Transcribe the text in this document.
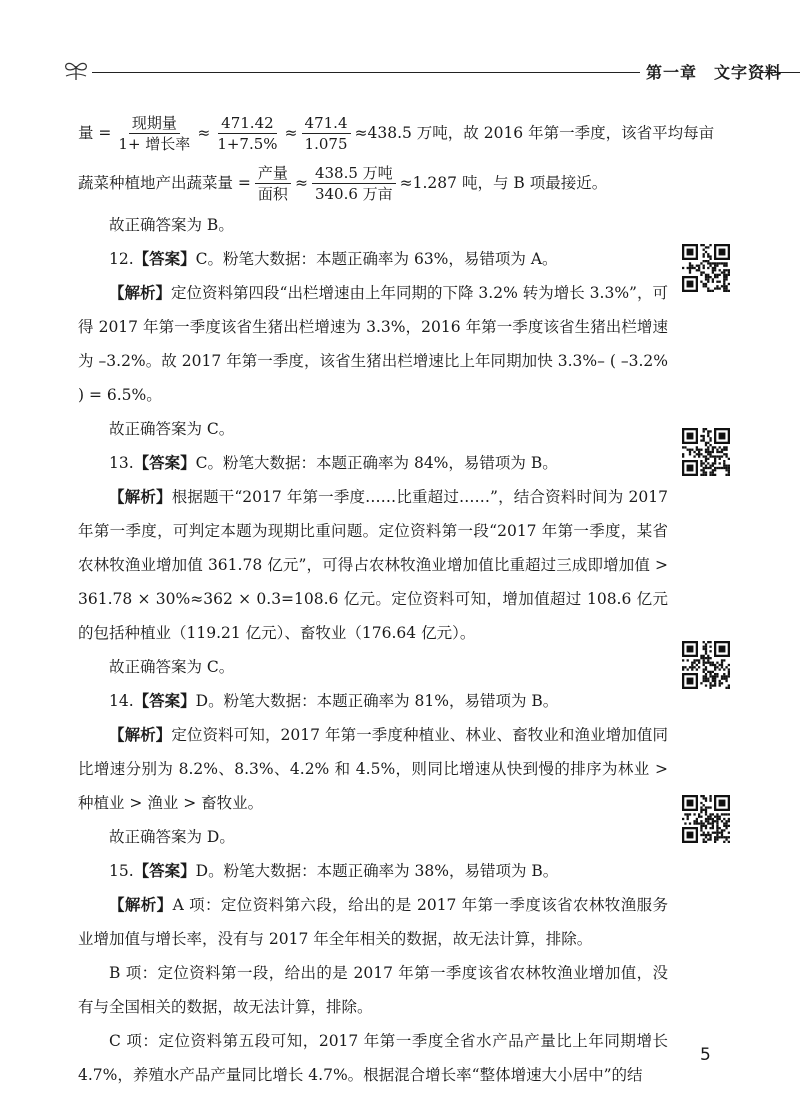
第一章　文字资料
量 = $\frac{\text{现期量}}{\text{1+ 增长率}} \approx \frac{471.42}{1+7.5\%} \approx \frac{471.4}{1.075} \approx 438.5$ 万吨，故 2016 年第一季度，该省平均每亩
蔬菜种植地产出蔬菜量 = $\frac{\text{产量}}{\text{面积}} \approx \frac{\text{438.5 万吨}}{\text{340.6 万亩}} \approx 1.287$ 吨，与 B 项最接近。

故正确答案为 B。

12.【答案】C。粉笔大数据：本题正确率为 63%，易错项为 A。

【解析】定位资料第四段“出栏增速由上年同期的下降 3.2% 转为增长 3.3%”，可得 2017 年第一季度该省生猪出栏增速为 3.3%，2016 年第一季度该省生猪出栏增速为 –3.2%。故 2017 年第一季度，该省生猪出栏增速比上年同期加快 3.3%– ( –3.2% ) = 6.5%。

故正确答案为 C。

13.【答案】C。粉笔大数据：本题正确率为 84%，易错项为 B。

【解析】根据题干“2017 年第一季度……比重超过……”，结合资料时间为 2017 年第一季度，可判定本题为现期比重问题。定位资料第一段“2017 年第一季度，某省农林牧渔业增加值 361.78 亿元”，可得占农林牧渔业增加值比重超过三成即增加值 > 361.78 × 30%≈362 × 0.3=108.6 亿元。定位资料可知，增加值超过 108.6 亿元的包括种植业（119.21 亿元）、畜牧业（176.64 亿元）。

故正确答案为 C。

14.【答案】D。粉笔大数据：本题正确率为 81%，易错项为 B。

【解析】定位资料可知，2017 年第一季度种植业、林业、畜牧业和渔业增加值同比增速分别为 8.2%、8.3%、4.2% 和 4.5%，则同比增速从快到慢的排序为林业 > 种植业 > 渔业 > 畜牧业。

故正确答案为 D。

15.【答案】D。粉笔大数据：本题正确率为 38%，易错项为 B。

【解析】A 项：定位资料第六段，给出的是 2017 年第一季度该省农林牧渔服务业增加值与增长率，没有与 2017 年全年相关的数据，故无法计算，排除。

B 项：定位资料第一段，给出的是 2017 年第一季度该省农林牧渔业增加值，没有与全国相关的数据，故无法计算，排除。

C 项：定位资料第五段可知，2017 年第一季度全省水产品产量比上年同期增长 4.7%，养殖水产品产量同比增长 4.7%。根据混合增长率“整体增速大小居中”的结

5
